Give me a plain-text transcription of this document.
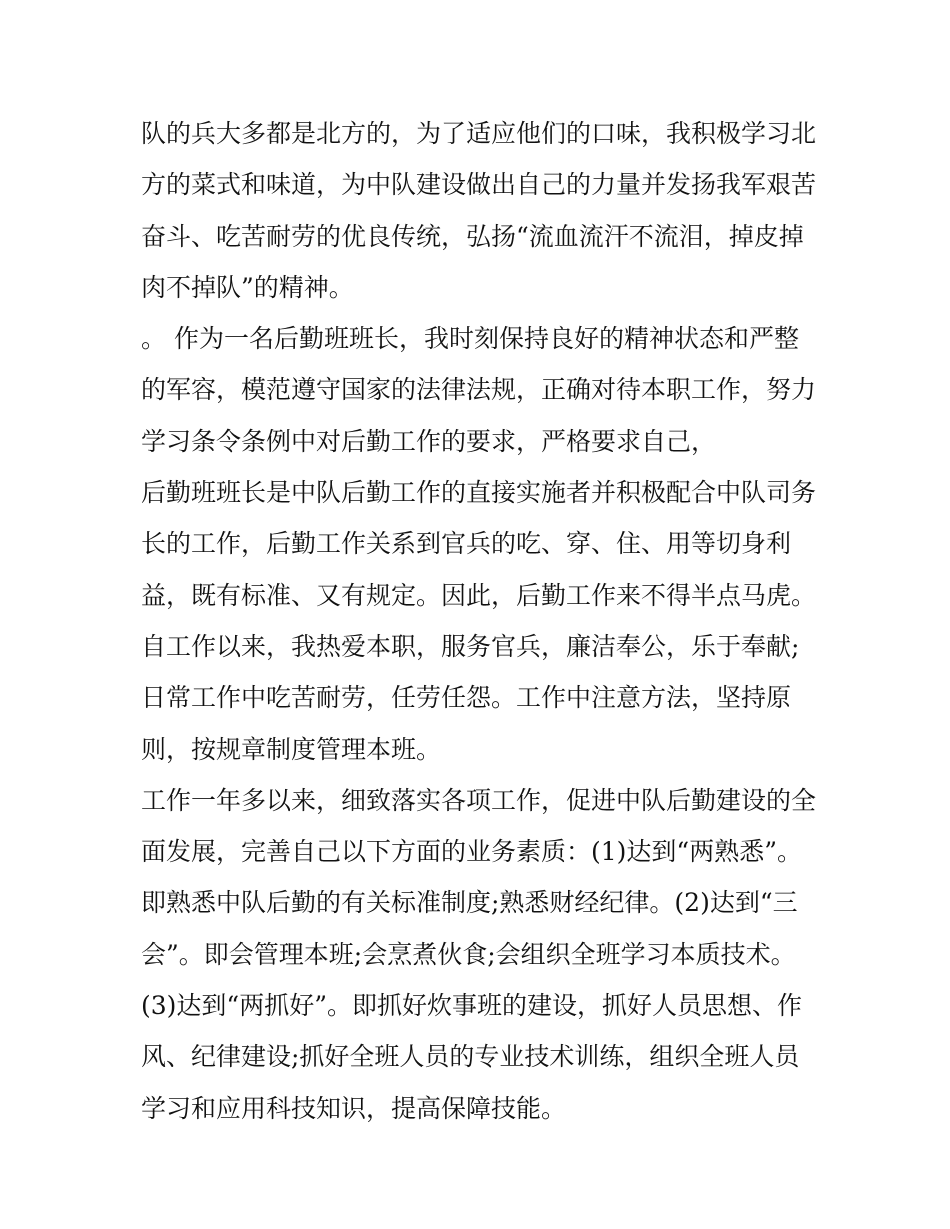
队的兵大多都是北方的，为了适应他们的口味，我积极学习北
方的菜式和味道，为中队建设做出自己的力量并发扬我军艰苦
奋斗、吃苦耐劳的优良传统，弘扬“流血流汗不流泪，掉皮掉
肉不掉队”的精神。
。 作为一名后勤班班长，我时刻保持良好的精神状态和严整
的军容，模范遵守国家的法律法规，正确对待本职工作，努力
学习条令条例中对后勤工作的要求，严格要求自己，
后勤班班长是中队后勤工作的直接实施者并积极配合中队司务
长的工作，后勤工作关系到官兵的吃、穿、住、用等切身利
益，既有标准、又有规定。因此，后勤工作来不得半点马虎。
自工作以来，我热爱本职，服务官兵，廉洁奉公，乐于奉献;
日常工作中吃苦耐劳，任劳任怨。工作中注意方法，坚持原
则，按规章制度管理本班。
工作一年多以来，细致落实各项工作，促进中队后勤建设的全
面发展，完善自己以下方面的业务素质：(1)达到“两熟悉”。
即熟悉中队后勤的有关标准制度;熟悉财经纪律。(2)达到“三
会”。即会管理本班;会烹煮伙食;会组织全班学习本质技术。
(3)达到“两抓好”。即抓好炊事班的建设，抓好人员思想、作
风、纪律建设;抓好全班人员的专业技术训练，组织全班人员
学习和应用科技知识，提高保障技能。
